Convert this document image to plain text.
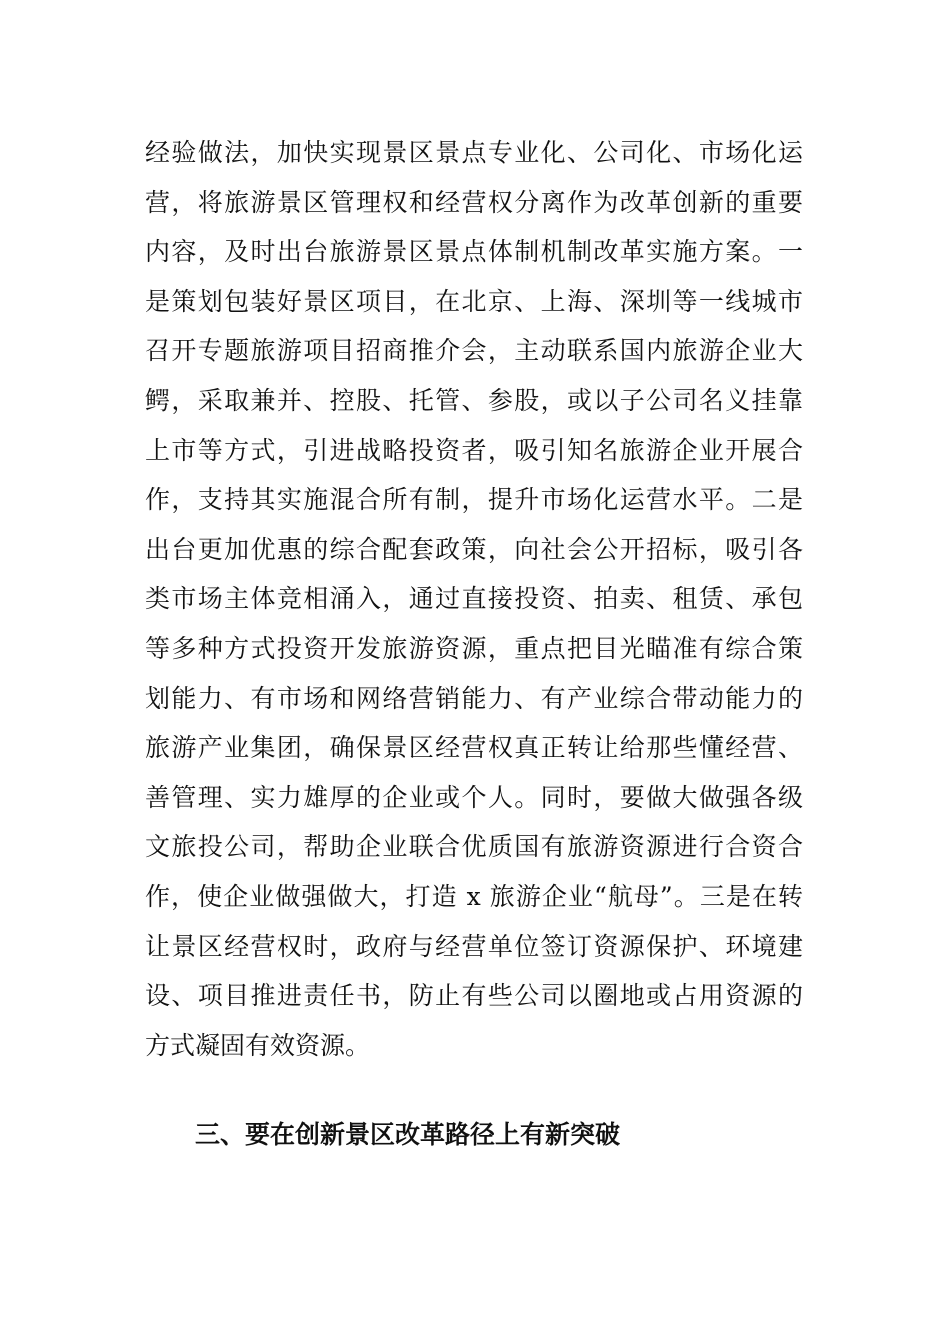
经验做法，加快实现景区景点专业化、公司化、市场化运
营，将旅游景区管理权和经营权分离作为改革创新的重要
内容，及时出台旅游景区景点体制机制改革实施方案。一
是策划包装好景区项目，在北京、上海、深圳等一线城市
召开专题旅游项目招商推介会，主动联系国内旅游企业大
鳄，采取兼并、控股、托管、参股，或以子公司名义挂靠
上市等方式，引进战略投资者，吸引知名旅游企业开展合
作，支持其实施混合所有制，提升市场化运营水平。二是
出台更加优惠的综合配套政策，向社会公开招标，吸引各
类市场主体竞相涌入，通过直接投资、拍卖、租赁、承包
等多种方式投资开发旅游资源，重点把目光瞄准有综合策
划能力、有市场和网络营销能力、有产业综合带动能力的
旅游产业集团，确保景区经营权真正转让给那些懂经营、
善管理、实力雄厚的企业或个人。同时，要做大做强各级
文旅投公司，帮助企业联合优质国有旅游资源进行合资合
作，使企业做强做大，打造 x 旅游企业“航母”。三是在转
让景区经营权时，政府与经营单位签订资源保护、环境建
设、项目推进责任书，防止有些公司以圈地或占用资源的
方式凝固有效资源。
三、要在创新景区改革路径上有新突破
